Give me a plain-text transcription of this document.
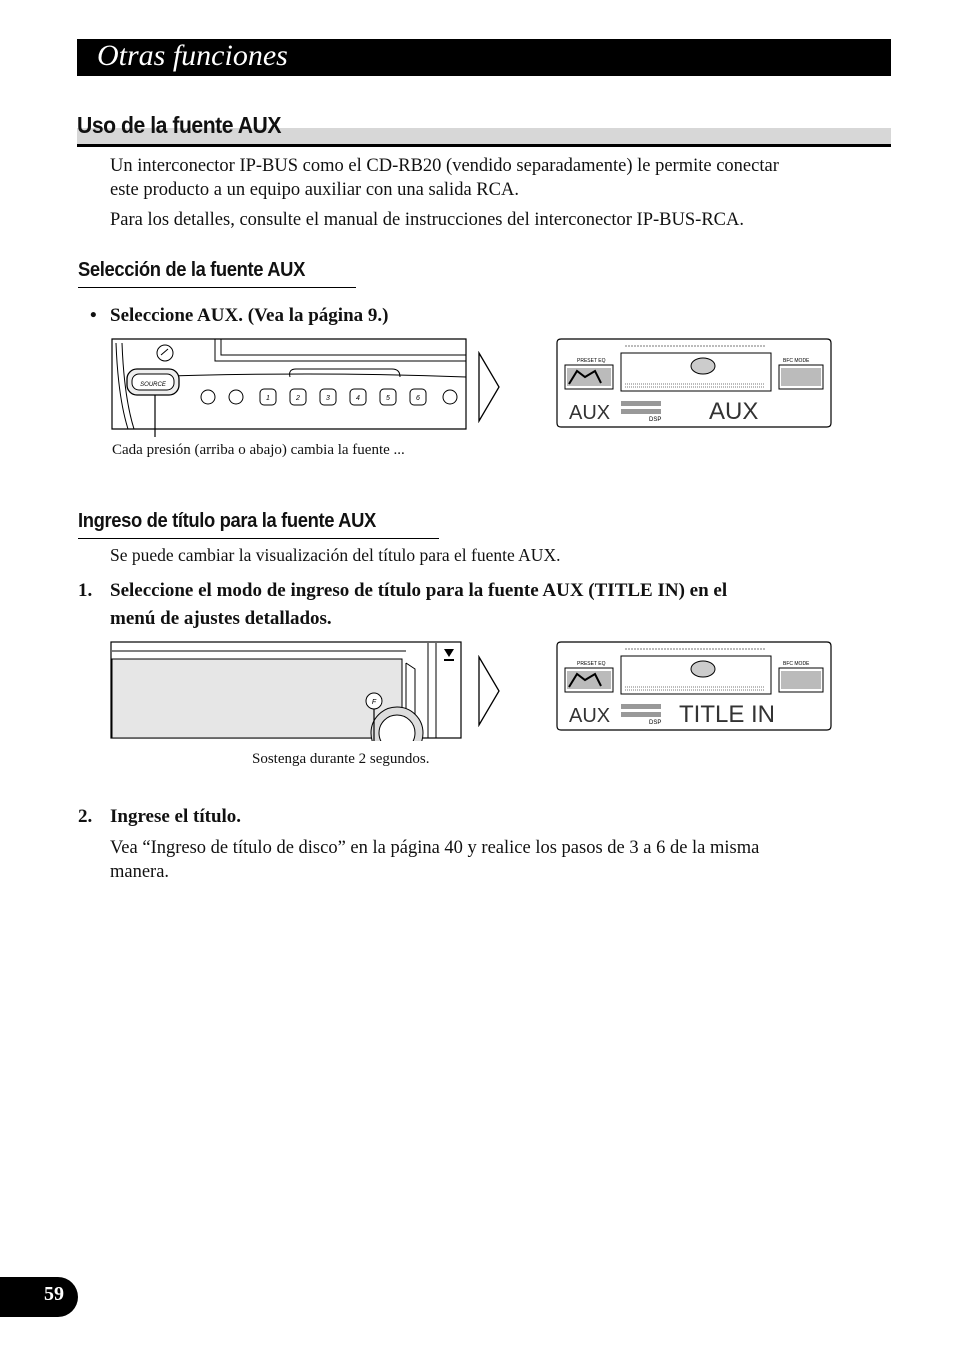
Otras funciones
Uso de la fuente AUX
Un interconector IP-BUS como el CD-RB20 (vendido separadamente) le permite conectar
este producto a un equipo auxiliar con una salida RCA.
Para los detalles, consulte el manual de instrucciones del interconector IP-BUS-RCA.
Selección de la fuente AUX
• Seleccione AUX. (Vea la página 9.)
SOURCE
1	2	3	4	5	6
PRESET EQ	BFC MODE
AUX	DSP AUX
Cada presión (arriba o abajo) cambia la fuente ...
Ingreso de título para la fuente AUX
Se puede cambiar la visualización del título para el fuente AUX.
1. Seleccione el modo de ingreso de título para la fuente AUX (TITLE IN) en el
menú de ajustes detallados.
F
PRESET EQ	BFC MODE
AUX	DSP TITLE IN
Sostenga durante 2 segundos.
2. Ingrese el título.
Vea “Ingreso de título de disco” en la página 40 y realice los pasos de 3 a 6 de la misma
manera.
59
